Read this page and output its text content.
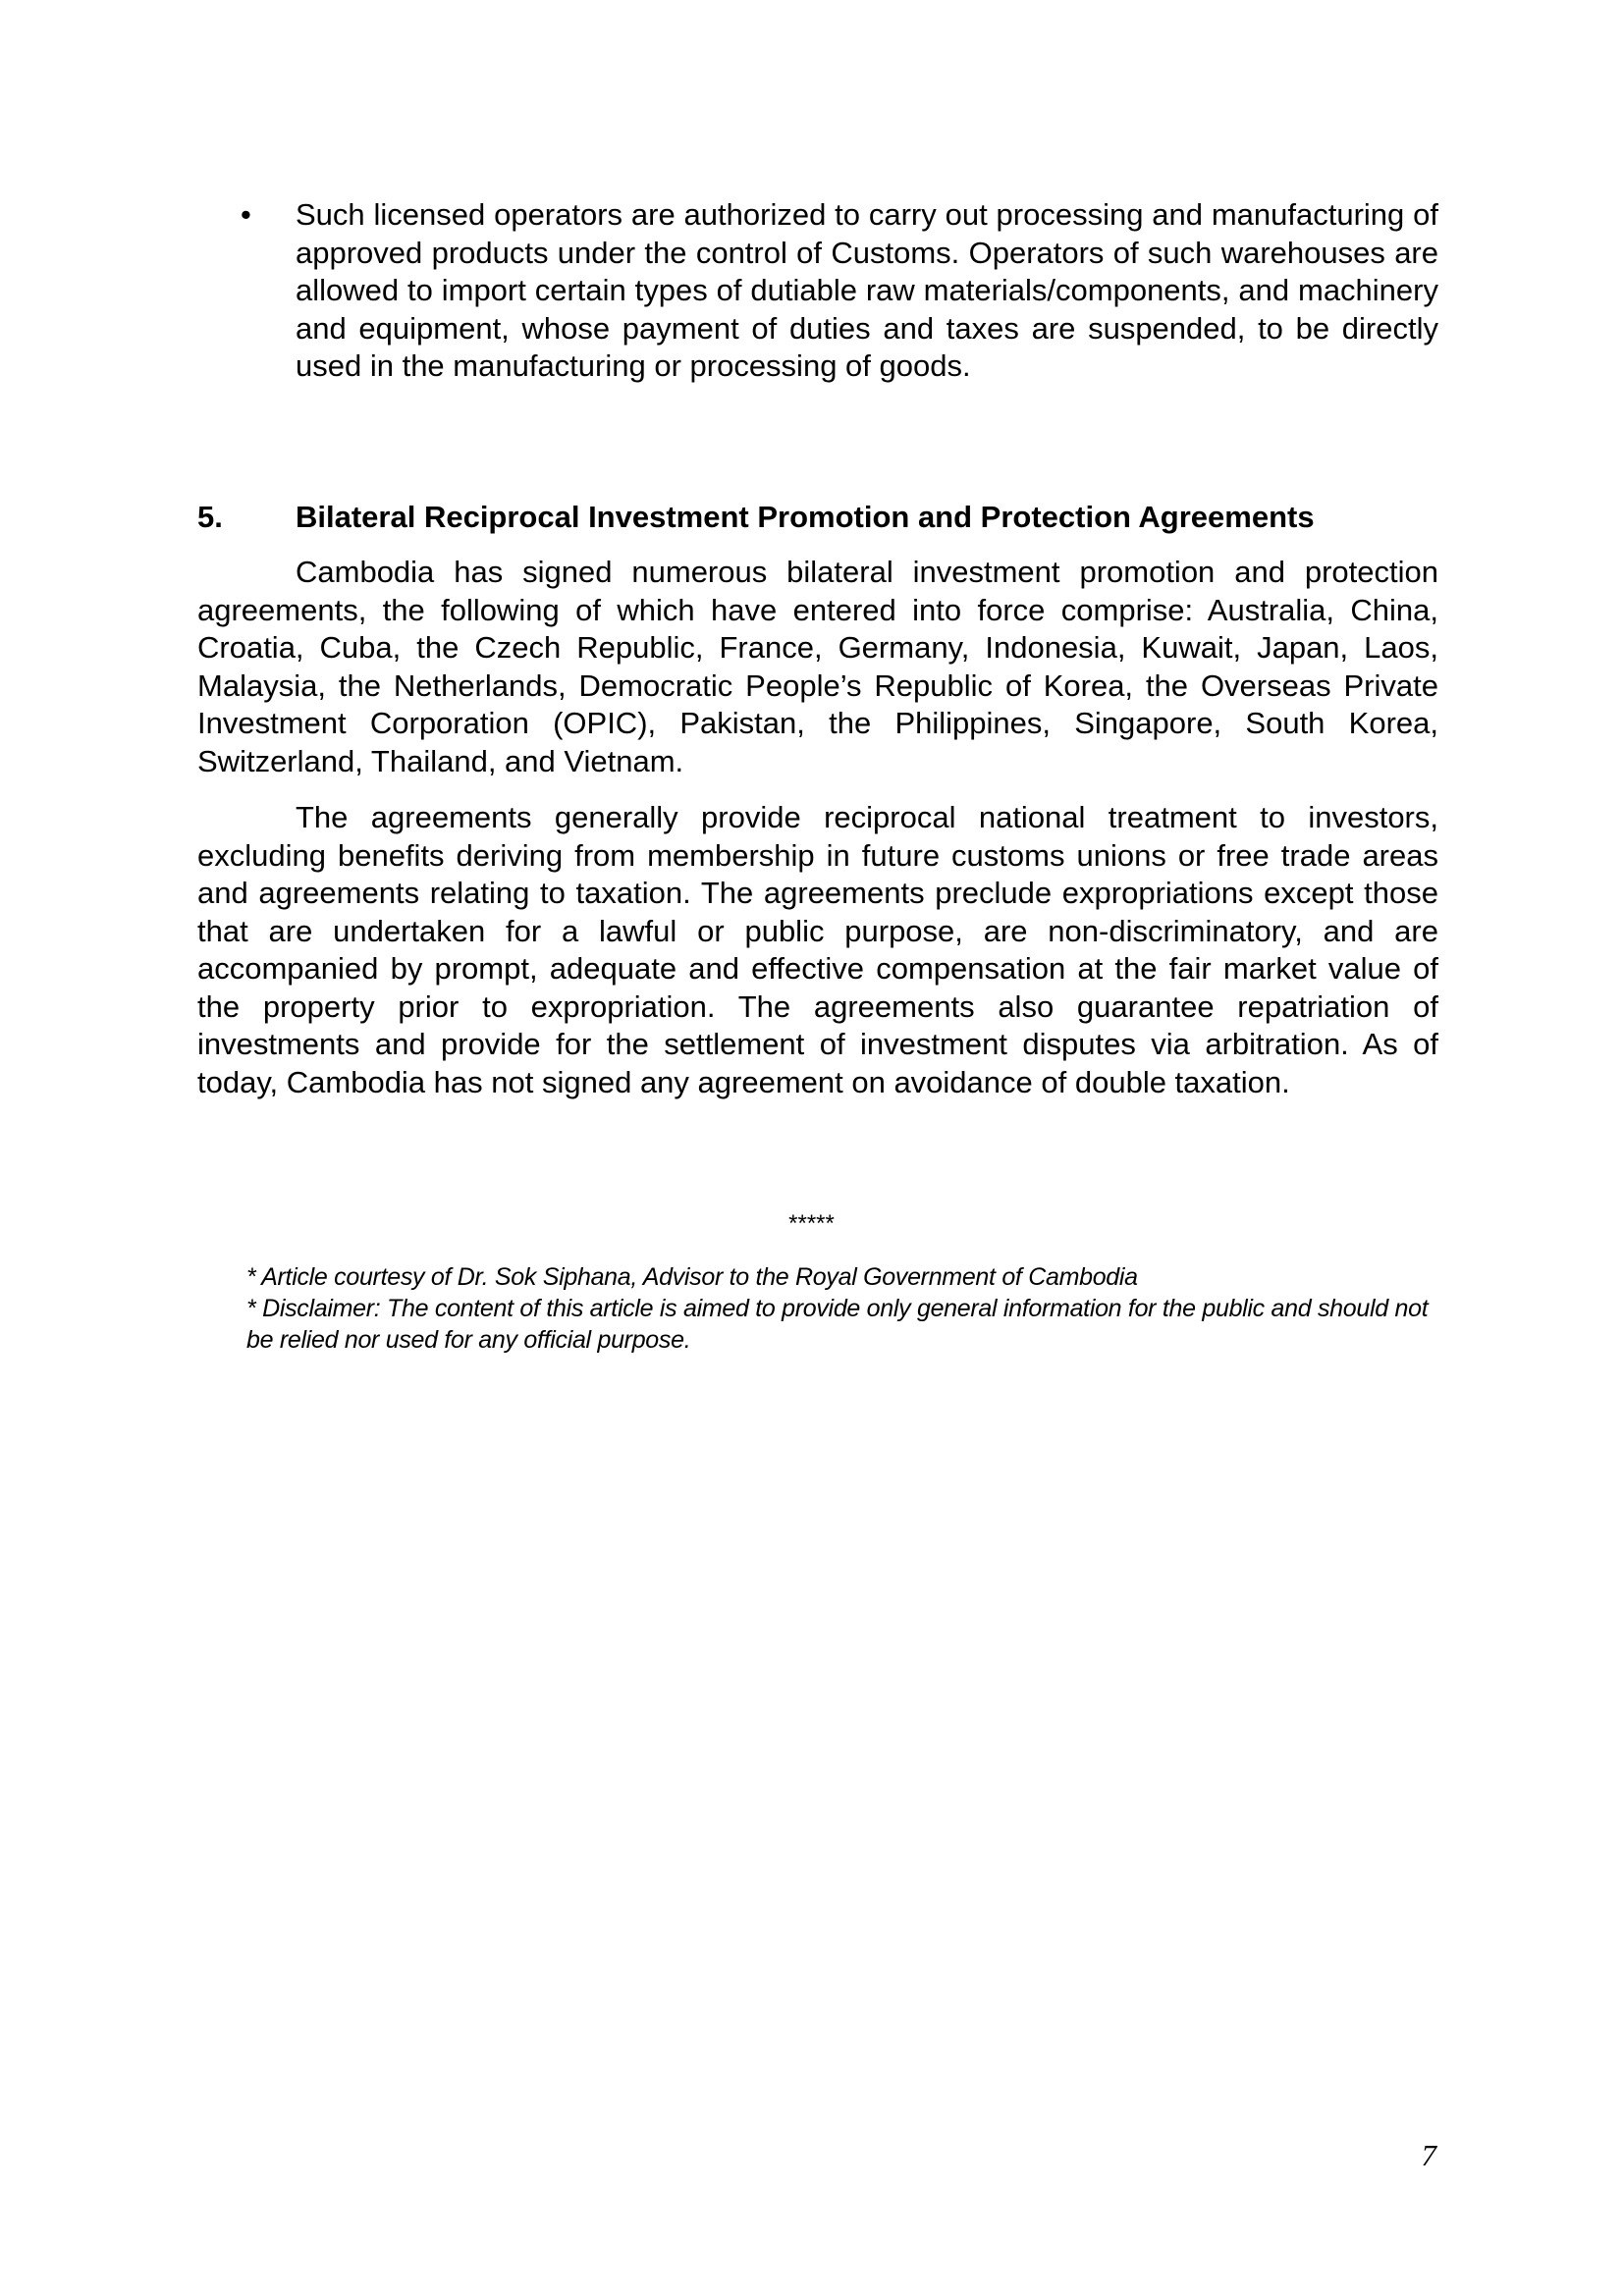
• Such licensed operators are authorized to carry out processing and manufacturing of approved products under the control of Customs. Operators of such warehouses are allowed to import certain types of dutiable raw materials/components, and machinery and equipment, whose payment of duties and taxes are suspended, to be directly used in the manufacturing or processing of goods.
5. Bilateral Reciprocal Investment Promotion and Protection Agreements

Cambodia has signed numerous bilateral investment promotion and protection agreements, the following of which have entered into force comprise: Australia, China, Croatia, Cuba, the Czech Republic, France, Germany, Indonesia, Kuwait, Japan, Laos, Malaysia, the Netherlands, Democratic People’s Republic of Korea, the Overseas Private Investment Corporation (OPIC), Pakistan, the Philippines, Singapore, South Korea, Switzerland, Thailand, and Vietnam.

The agreements generally provide reciprocal national treatment to investors, excluding benefits deriving from membership in future customs unions or free trade areas and agreements relating to taxation. The agreements preclude expropriations except those that are undertaken for a lawful or public purpose, are non-discriminatory, and are accompanied by prompt, adequate and effective compensation at the fair market value of the property prior to expropriation. The agreements also guarantee repatriation of investments and provide for the settlement of investment disputes via arbitration. As of today, Cambodia has not signed any agreement on avoidance of double taxation.

*****
* Article courtesy of Dr. Sok Siphana, Advisor to the Royal Government of Cambodia
* Disclaimer: The content of this article is aimed to provide only general information for the public and should not be relied nor used for any official purpose.
7
